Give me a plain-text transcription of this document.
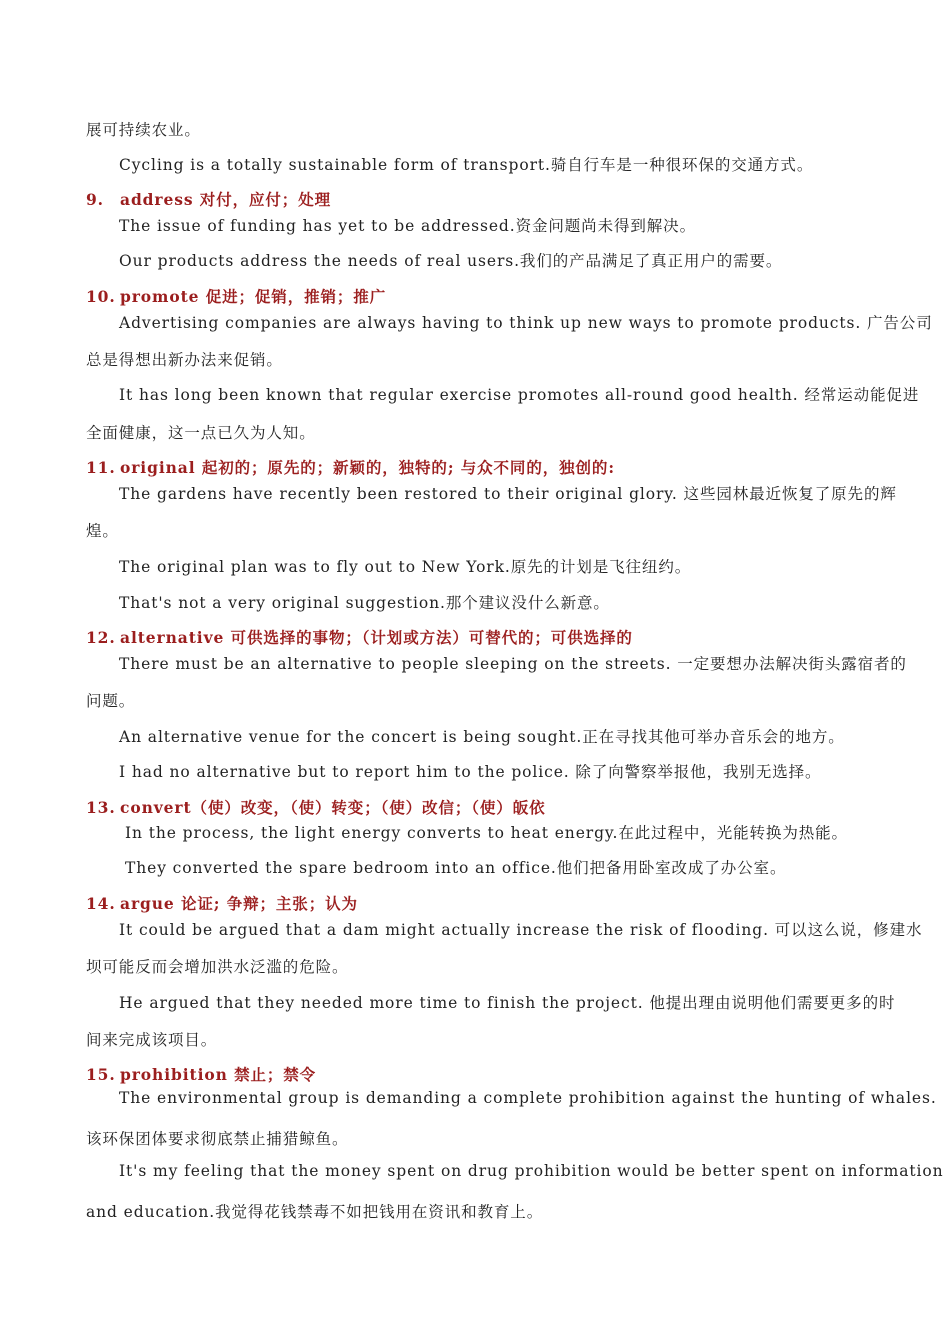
展可持续农业。
Cycling is a totally sustainable form of transport.骑自行车是一种很环保的交通方式。
9. address 对付，应付；处理
The issue of funding has yet to be addressed.资金问题尚未得到解决。
Our products address the needs of real users.我们的产品满足了真正用户的需要。
10. promote 促进；促销，推销；推广
Advertising companies are always having to think up new ways to promote products. 广告公司
总是得想出新办法来促销。
It has long been known that regular exercise promotes all-round good health. 经常运动能促进
全面健康，这一点已久为人知。
11. original 起初的；原先的；新颖的，独特的; 与众不同的，独创的:
The gardens have recently been restored to their original glory. 这些园林最近恢复了原先的辉
煌。
The original plan was to fly out to New York.原先的计划是飞往纽约。
That's not a very original suggestion.那个建议没什么新意。
12. alternative 可供选择的事物；（计划或方法）可替代的；可供选择的
There must be an alternative to people sleeping on the streets. 一定要想办法解决街头露宿者的
问题。
An alternative venue for the concert is being sought.正在寻找其他可举办音乐会的地方。
I had no alternative but to report him to the police. 除了向警察举报他，我别无选择。
13. convert（使）改变，（使）转变；（使）改信；（使）皈依
In the process, the light energy converts to heat energy.在此过程中，光能转换为热能。
They converted the spare bedroom into an office.他们把备用卧室改成了办公室。
14. argue 论证; 争辩；主张；认为
It could be argued that a dam might actually increase the risk of flooding. 可以这么说，修建水
坝可能反而会增加洪水泛滥的危险。
He argued that they needed more time to finish the project. 他提出理由说明他们需要更多的时
间来完成该项目。
15. prohibition 禁止；禁令
The environmental group is demanding a complete prohibition against the hunting of whales.
该环保团体要求彻底禁止捕猎鲸鱼。
It's my feeling that the money spent on drug prohibition would be better spent on information
and education.我觉得花钱禁毒不如把钱用在资讯和教育上。
